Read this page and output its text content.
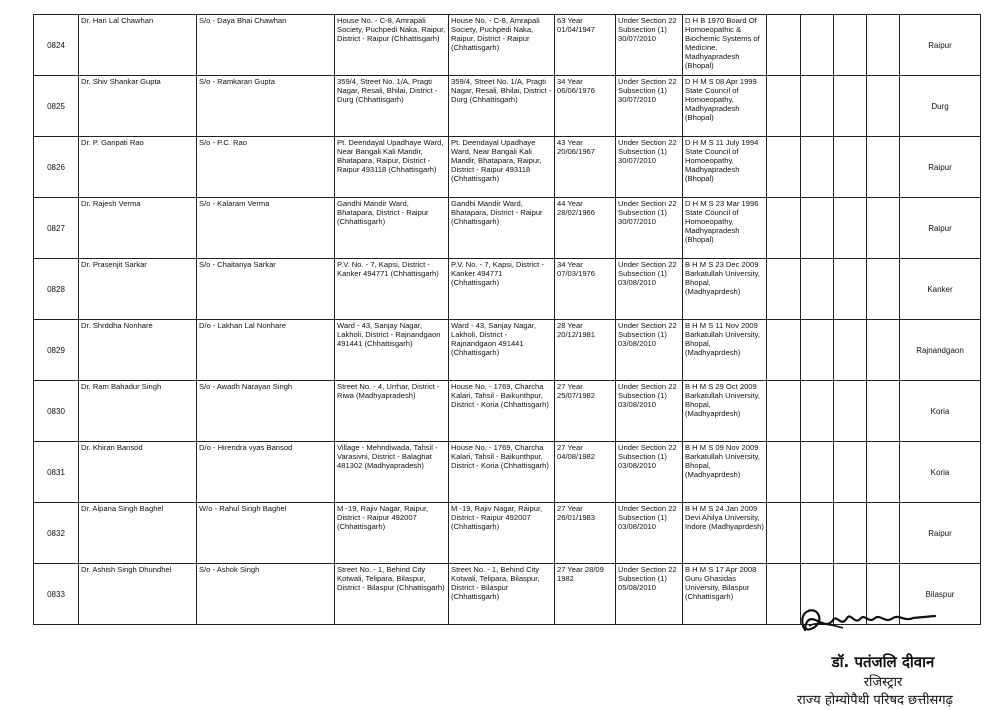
0824	Dr. Hari Lal Chawhan	S/o - Daya Bhai Chawhan	House No. - C-8, Amrapali Society, Puchpedi Naka, Raipur, District - Raipur (Chhattisgarh)	House No. - C-8, Amrapali Society, Puchpedi Naka, Raipur, District - Raipur (Chhattisgarh)	63 Year 01/04/1947	Under Section 22 Subsection (1) 30/07/2010	D H B 1970 Board Of Homoeopathic & Biochemic Systems of Medicine, Madhyapradesh (Bhopal)					Raipur
0825	Dr. Shiv Shankar Gupta	S/o - Ramkaran Gupta	359/4, Street No. 1/A, Pragti Nagar, Resali, Bhilai, District - Durg (Chhattisgarh)	359/4, Street No. 1/A, Pragti Nagar, Resali, Bhilai, District - Durg (Chhattisgarh)	34 Year 06/06/1976	Under Section 22 Subsection (1) 30/07/2010	D H M S 08 Apr 1999 State Council of Homoeopathy, Madhyapradesh (Bhopal)					Durg
0826	Dr. P. Ganpati Rao	S/o - P.C. Rao	Pt. Deendayal Upadhaye Ward, Near Bangali Kali Mandir, Bhatapara, Raipur, District - Raipur 493118 (Chhattisgarh)	Pt. Deendayal Upadhaye Ward, Near Bangali Kali Mandir, Bhatapara, Raipur, District - Raipur 493118 (Chhattisgarh)	43 Year 20/06/1967	Under Section 22 Subsection (1) 30/07/2010	D H M S 11 July 1994 State Council of Homoeopathy, Madhyapradesh (Bhopal)					Raipur
0827	Dr. Rajesh Verma	S/o - Kalaram Verma	Gandhi Mandir Ward, Bhatapara, District - Raipur (Chhattisgarh)	Gandhi Mandir Ward, Bhatapara, District - Raipur (Chhattisgarh)	44 Year 28/02/1966	Under Section 22 Subsection (1) 30/07/2010	D H M S 23 Mar 1996 State Council of Homoeopathy, Madhyapradesh (Bhopal)					Raipur
0828	Dr. Prasenjit Sarkar	S/o - Chaitanya Sarkar	P.V. No. - 7, Kapsi, District - Kanker 494771 (Chhattisgarh)	P.V. No. - 7, Kapsi, District - Kanker 494771 (Chhattisgarh)	34 Year 07/03/1976	Under Section 22 Subsection (1) 03/08/2010	B H M S 23 Dec 2009 Barkatullah University, Bhopal, (Madhyaprdesh)					Kanker
0829	Dr. Shrddha Nonhare	D/o - Lakhan Lal Nonhare	Ward - 43, Sanjay Nagar, Lakholi, District - Rajnandgaon 491441 (Chhattisgarh)	Ward - 43, Sanjay Nagar, Lakholi, District - Rajnandgaon 491441 (Chhattisgarh)	28 Year 20/12/1981	Under Section 22 Subsection (1) 03/08/2010	B H M S 11 Nov 2009 Barkatullah University, Bhopal, (Madhyaprdesh)					Rajnandgaon
0830	Dr. Ram Bahadur Singh	S/o - Awadh Narayan Singh	Street No. - 4, Urrhar, District - Riwa (Madhyapradesh)	House No. - 1769, Charcha Kalari, Tahsil - Baikunthpur, District - Koria (Chhattisgarh)	27 Year 25/07/1982	Under Section 22 Subsection (1) 03/08/2010	B H M S 29 Oct 2009 Barkatullah University, Bhopal, (Madhyaprdesh)					Koria
0831	Dr. Khiran Bansod	D/o - Hirendra vyas Bansod	Village - Mehndiwada, Tahsil - Varasivni, District - Balaghat 481302 (Madhyapradesh)	House No. - 1769, Charcha Kalari, Tahsil - Baikunthpur, District - Koria (Chhattisgarh)	27 Year 04/08/1982	Under Section 22 Subsection (1) 03/08/2010	B H M S 09 Nov 2009 Barkatullah University, Bhopal, (Madhyaprdesh)					Koria
0832	Dr. Alpana Singh Baghel	W/o - Rahul Singh Baghel	M -19, Rajiv Nagar, Raipur, District - Raipur 492007 (Chhattisgarh)	M -19, Rajiv Nagar, Raipur, District - Raipur 492007 (Chhattisgarh)	27 Year 26/01/1983	Under Section 22 Subsection (1) 03/08/2010	B H M S 24 Jan 2009 Devi Ahilya University, Indore (Madhyaprdesh)					Raipur
0833	Dr. Ashish Singh Dhundhel	S/o - Ashok Singh	Street No. - 1, Behind City Kotwali, Telipara, Bilaspur, District - Bilaspur (Chhattisgarh)	Street No. - 1, Behind City Kotwali, Telipara, Bilaspur, District - Bilaspur (Chhattisgarh)	27 Year 28/09 1982	Under Section 22 Subsection (1) 05/08/2010	B H M S 17 Apr 2008 Guru Ghasidas University, Bilaspur (Chhattisgarh)					Bilaspur
डॉ. पतंजलि दीवान
रजिस्ट्रार
राज्य होम्योपैथी परिषद छत्तीसगढ़
